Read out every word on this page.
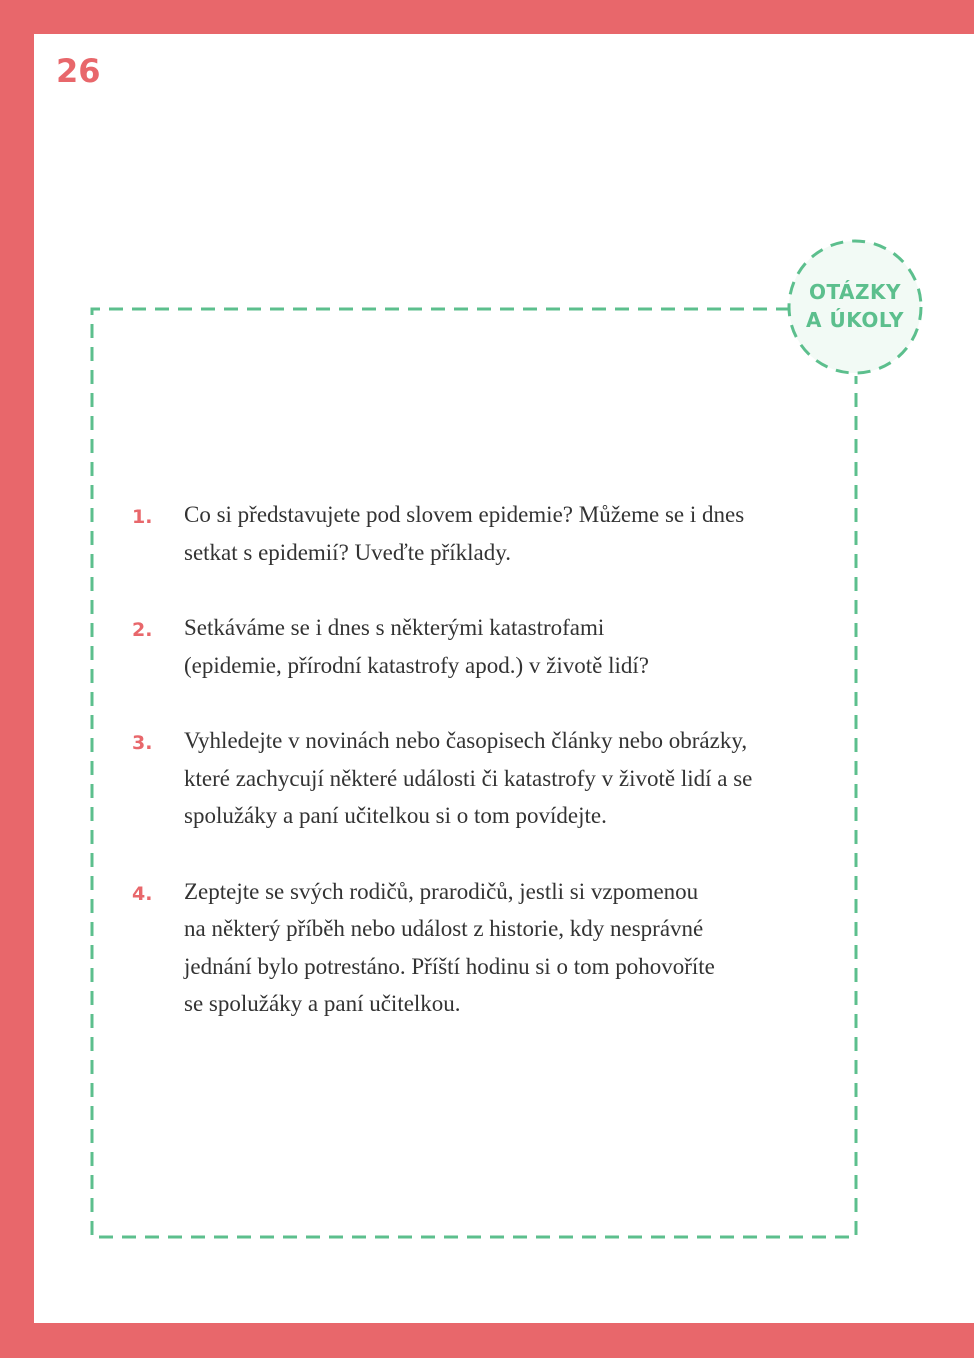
26
OTÁZKY
A ÚKOLY
1. Co si představujete pod slovem epidemie? Můžeme se i dnes
setkat s epidemií? Uveďte příklady.
2. Setkáváme se i dnes s některými katastrofami
(epidemie, přírodní katastrofy apod.) v životě lidí?
3. Vyhledejte v novinách nebo časopisech články nebo obrázky,
které zachycují některé události či katastrofy v životě lidí a se
spolužáky a paní učitelkou si o tom povídejte.
4. Zeptejte se svých rodičů, prarodičů, jestli si vzpomenou
na některý příběh nebo událost z historie, kdy nesprávné
jednání bylo potrestáno. Příští hodinu si o tom pohovoříte
se spolužáky a paní učitelkou.
